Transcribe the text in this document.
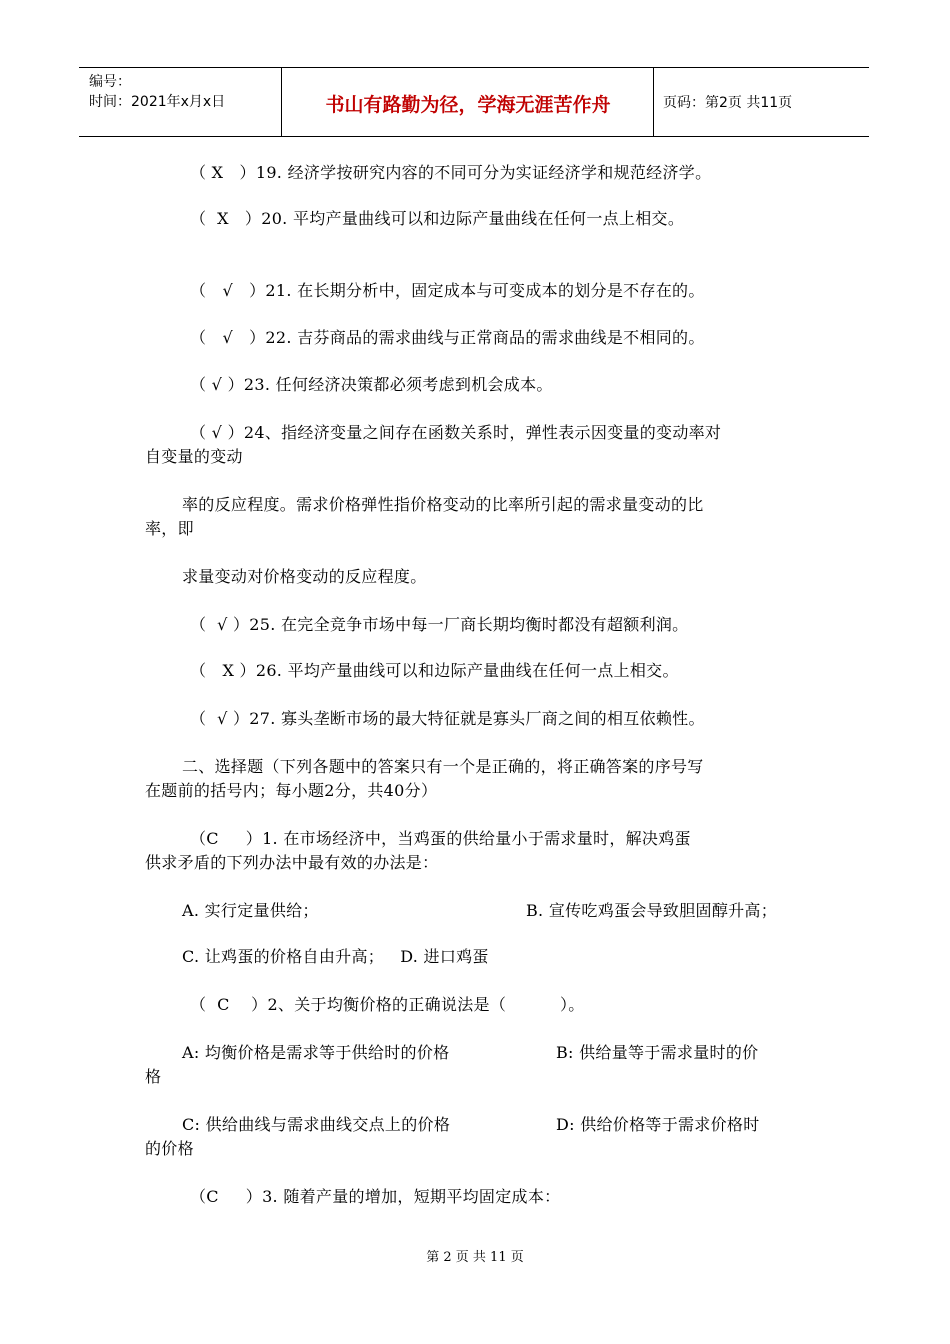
编号：
时间：2021年x月x日	书山有路勤为径，学海无涯苦作舟	页码：第2页 共11页
（ X   ）19. 经济学按研究内容的不同可分为实证经济学和规范经济学。
（  X   ）20. 平均产量曲线可以和边际产量曲线在任何一点上相交。
（   √   ）21. 在长期分析中，固定成本与可变成本的划分是不存在的。
（   √   ）22. 吉芬商品的需求曲线与正常商品的需求曲线是不相同的。
（ √ ）23. 任何经济决策都必须考虑到机会成本。
（ √ ）24、指经济变量之间存在函数关系时，弹性表示因变量的变动率对
自变量的变动
率的反应程度。需求价格弹性指价格变动的比率所引起的需求量变动的比
率，即
求量变动对价格变动的反应程度。
（  √ ）25. 在完全竞争市场中每一厂商长期均衡时都没有超额利润。
（   X ）26. 平均产量曲线可以和边际产量曲线在任何一点上相交。
（  √ ）27. 寡头垄断市场的最大特征就是寡头厂商之间的相互依赖性。
二、选择题（下列各题中的答案只有一个是正确的，将正确答案的序号写
在题前的括号内；每小题2分，共40分）
（C     ）1. 在市场经济中，当鸡蛋的供给量小于需求量时，解决鸡蛋
供求矛盾的下列办法中最有效的办法是：
A. 实行定量供给；	B. 宣传吃鸡蛋会导致胆固醇升高；
C. 让鸡蛋的价格自由升高；   D. 进口鸡蛋
（  C    ）2、关于均衡价格的正确说法是（          ）。
A: 均衡价格是需求等于供给时的价格	B: 供给量等于需求量时的价
格
C: 供给曲线与需求曲线交点上的价格	D: 供给价格等于需求价格时
的价格
（C     ）3. 随着产量的增加，短期平均固定成本：
第 2 页 共 11 页
